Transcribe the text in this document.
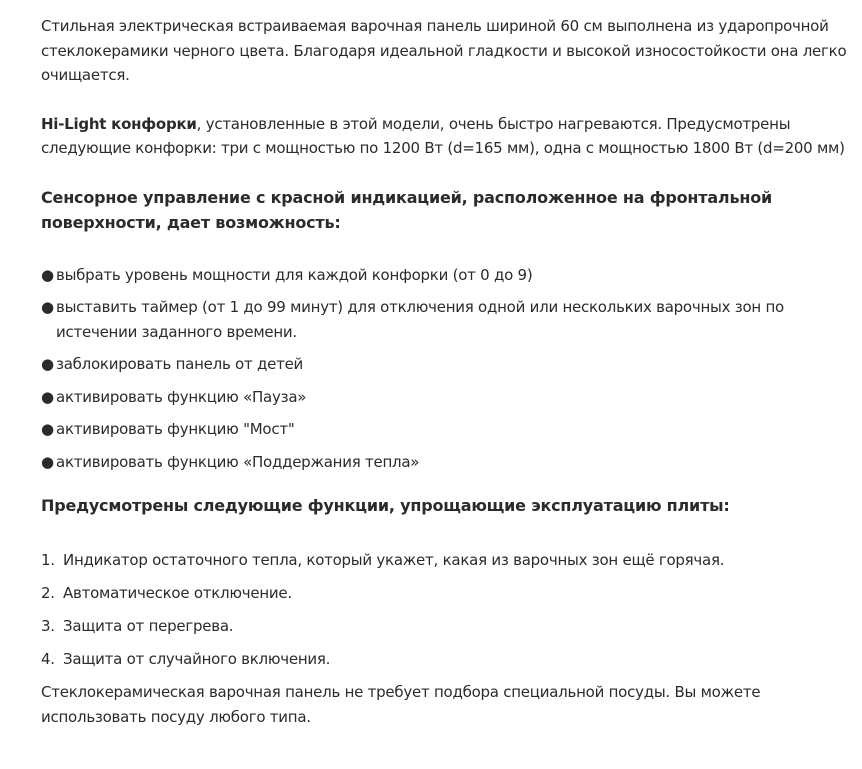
Стильная электрическая встраиваемая варочная панель шириной 60 см выполнена из ударопрочной стеклокерамики черного цвета. Благодаря идеальной гладкости и высокой износостойкости она легко очищается.

Hi-Light конфорки, установленные в этой модели, очень быстро нагреваются. Предусмотрены следующие конфорки: три с мощностью по 1200 Вт (d=165 мм), одна с мощностью 1800 Вт (d=200 мм)

Сенсорное управление с красной индикацией, расположенное на фронтальной поверхности, дает возможность:

● выбрать уровень мощности для каждой конфорки (от 0 до 9)
● выставить таймер (от 1 до 99 минут) для отключения одной или нескольких варочных зон по истечении заданного времени.
● заблокировать панель от детей
● активировать функцию «Пауза»
● активировать функцию "Мост"
● активировать функцию «Поддержания тепла»

Предусмотрены следующие функции, упрощающие эксплуатацию плиты:

1. Индикатор остаточного тепла, который укажет, какая из варочных зон ещё горячая.
2. Автоматическое отключение.
3. Защита от перегрева.
4. Защита от случайного включения.

Стеклокерамическая варочная панель не требует подбора специальной посуды. Вы можете использовать посуду любого типа.
